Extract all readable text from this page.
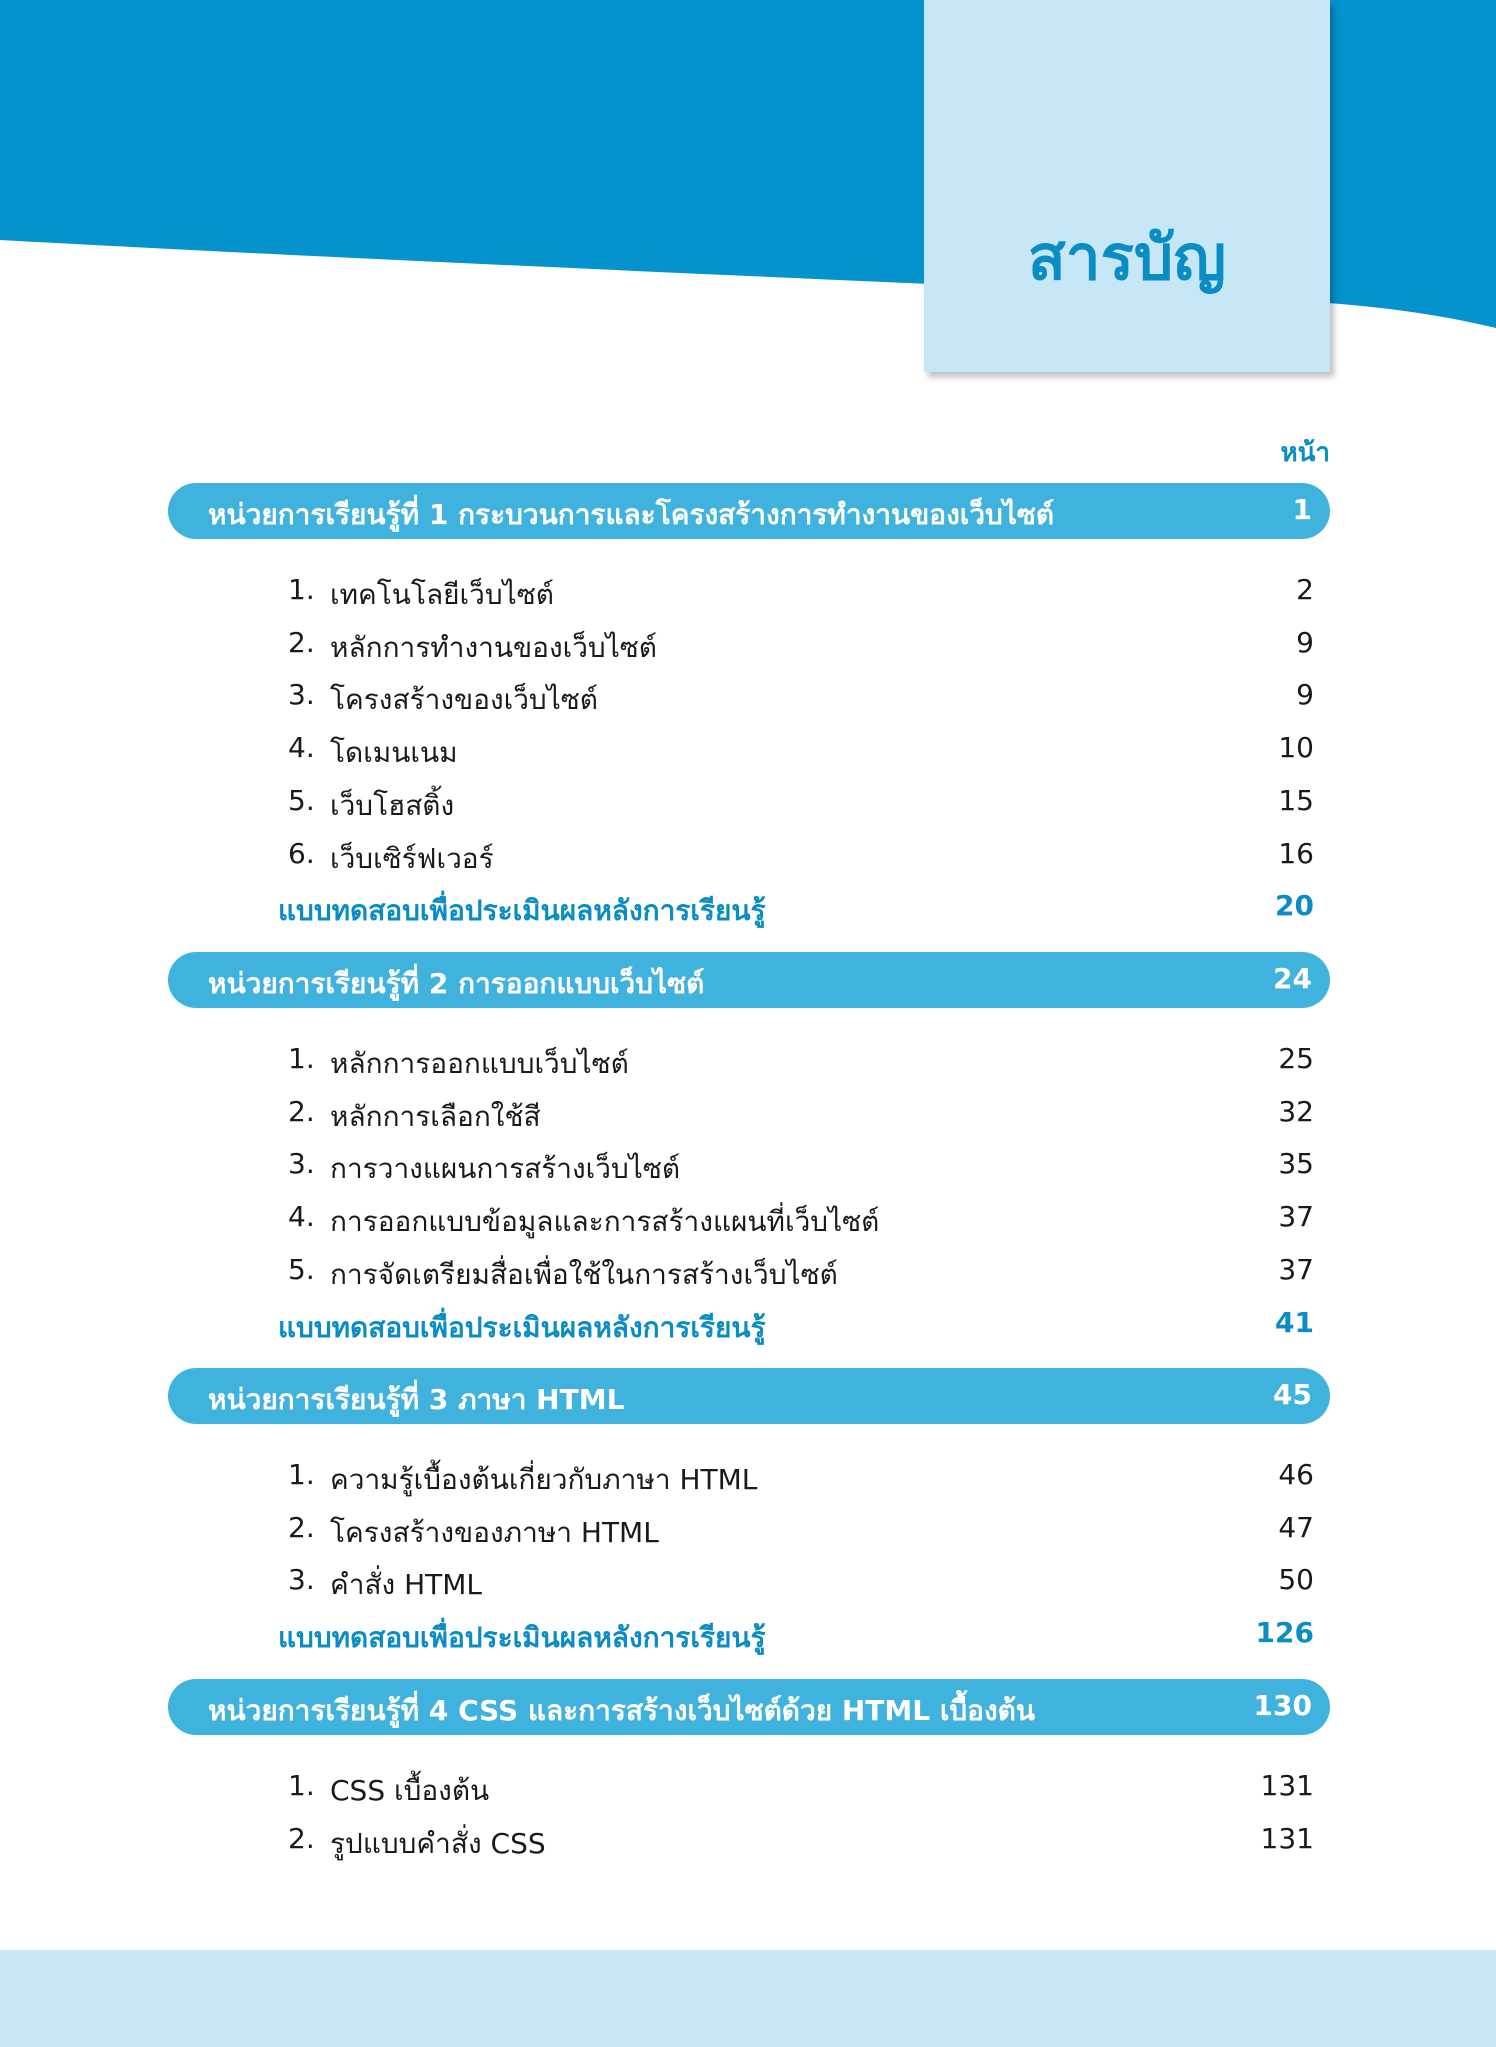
สารบัญ
หน้า
หน่วยการเรียนรู้ที่ 1 กระบวนการและโครงสร้างการทำงานของเว็บไซต์	1
1. เทคโนโลยีเว็บไซต์	2
2. หลักการทำงานของเว็บไซต์	9
3. โครงสร้างของเว็บไซต์	9
4. โดเมนเนม	10
5. เว็บโฮสติ้ง	15
6. เว็บเซิร์ฟเวอร์	16
แบบทดสอบเพื่อประเมินผลหลังการเรียนรู้	20
หน่วยการเรียนรู้ที่ 2 การออกแบบเว็บไซต์	24
1. หลักการออกแบบเว็บไซต์	25
2. หลักการเลือกใช้สี	32
3. การวางแผนการสร้างเว็บไซต์	35
4. การออกแบบข้อมูลและการสร้างแผนที่เว็บไซต์	37
5. การจัดเตรียมสื่อเพื่อใช้ในการสร้างเว็บไซต์	37
แบบทดสอบเพื่อประเมินผลหลังการเรียนรู้	41
หน่วยการเรียนรู้ที่ 3 ภาษา HTML	45
1. ความรู้เบื้องต้นเกี่ยวกับภาษา HTML	46
2. โครงสร้างของภาษา HTML	47
3. คำสั่ง HTML	50
แบบทดสอบเพื่อประเมินผลหลังการเรียนรู้	126
หน่วยการเรียนรู้ที่ 4 CSS และการสร้างเว็บไซต์ด้วย HTML เบื้องต้น	130
1. CSS เบื้องต้น	131
2. รูปแบบคำสั่ง CSS	131
